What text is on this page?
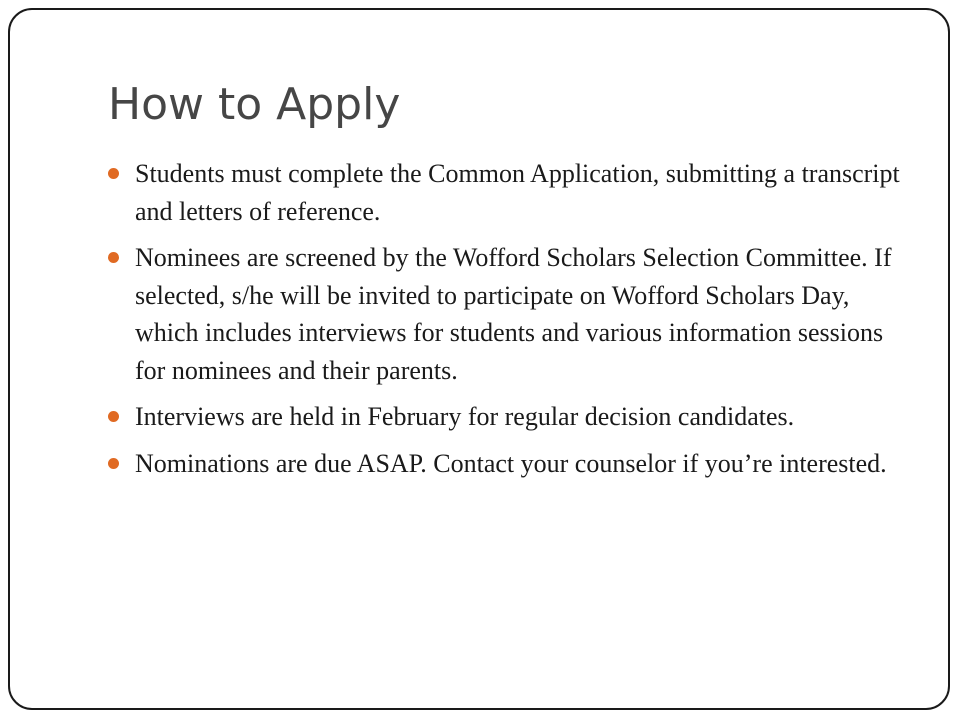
How to Apply
Students must complete the Common Application, submitting a transcript and letters of reference.
Nominees are screened by the Wofford Scholars Selection Committee. If selected, s/he will be invited to participate on Wofford Scholars Day, which includes interviews for students and various information sessions for nominees and their parents.
Interviews are held in February for regular decision candidates.
Nominations are due ASAP. Contact your counselor if you’re interested.
